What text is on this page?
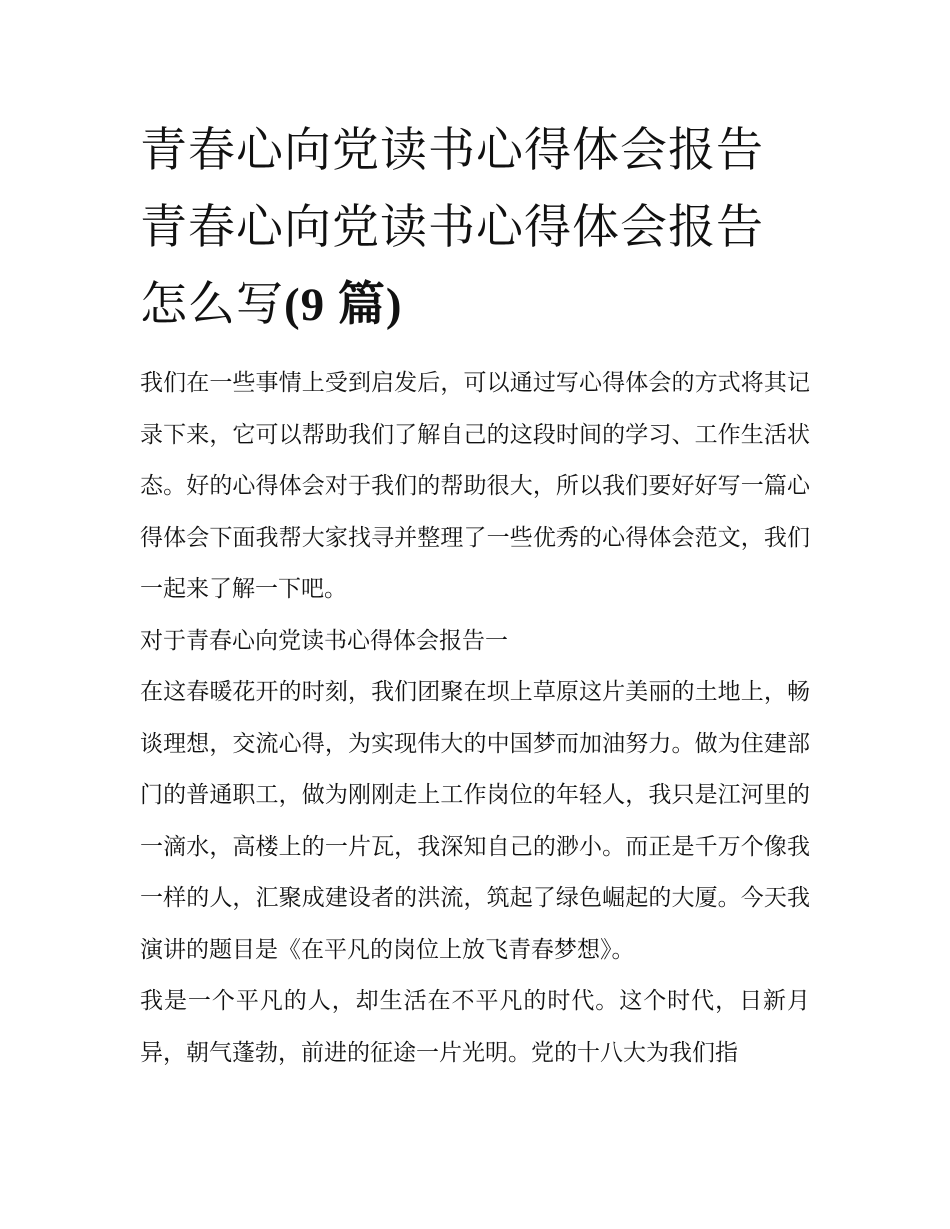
青春心向党读书心得体会报告青春心向党读书心得体会报告怎么写(9 篇)

我们在一些事情上受到启发后，可以通过写心得体会的方式将其记录下来，它可以帮助我们了解自己的这段时间的学习、工作生活状态。好的心得体会对于我们的帮助很大，所以我们要好好写一篇心得体会下面我帮大家找寻并整理了一些优秀的心得体会范文，我们一起来了解一下吧。

对于青春心向党读书心得体会报告一

在这春暖花开的时刻，我们团聚在坝上草原这片美丽的土地上，畅谈理想，交流心得，为实现伟大的中国梦而加油努力。做为住建部门的普通职工，做为刚刚走上工作岗位的年轻人，我只是江河里的一滴水，高楼上的一片瓦，我深知自己的渺小。而正是千万个像我一样的人，汇聚成建设者的洪流，筑起了绿色崛起的大厦。今天我演讲的题目是《在平凡的岗位上放飞青春梦想》。

我是一个平凡的人，却生活在不平凡的时代。这个时代，日新月异，朝气蓬勃，前进的征途一片光明。党的十八大为我们指
